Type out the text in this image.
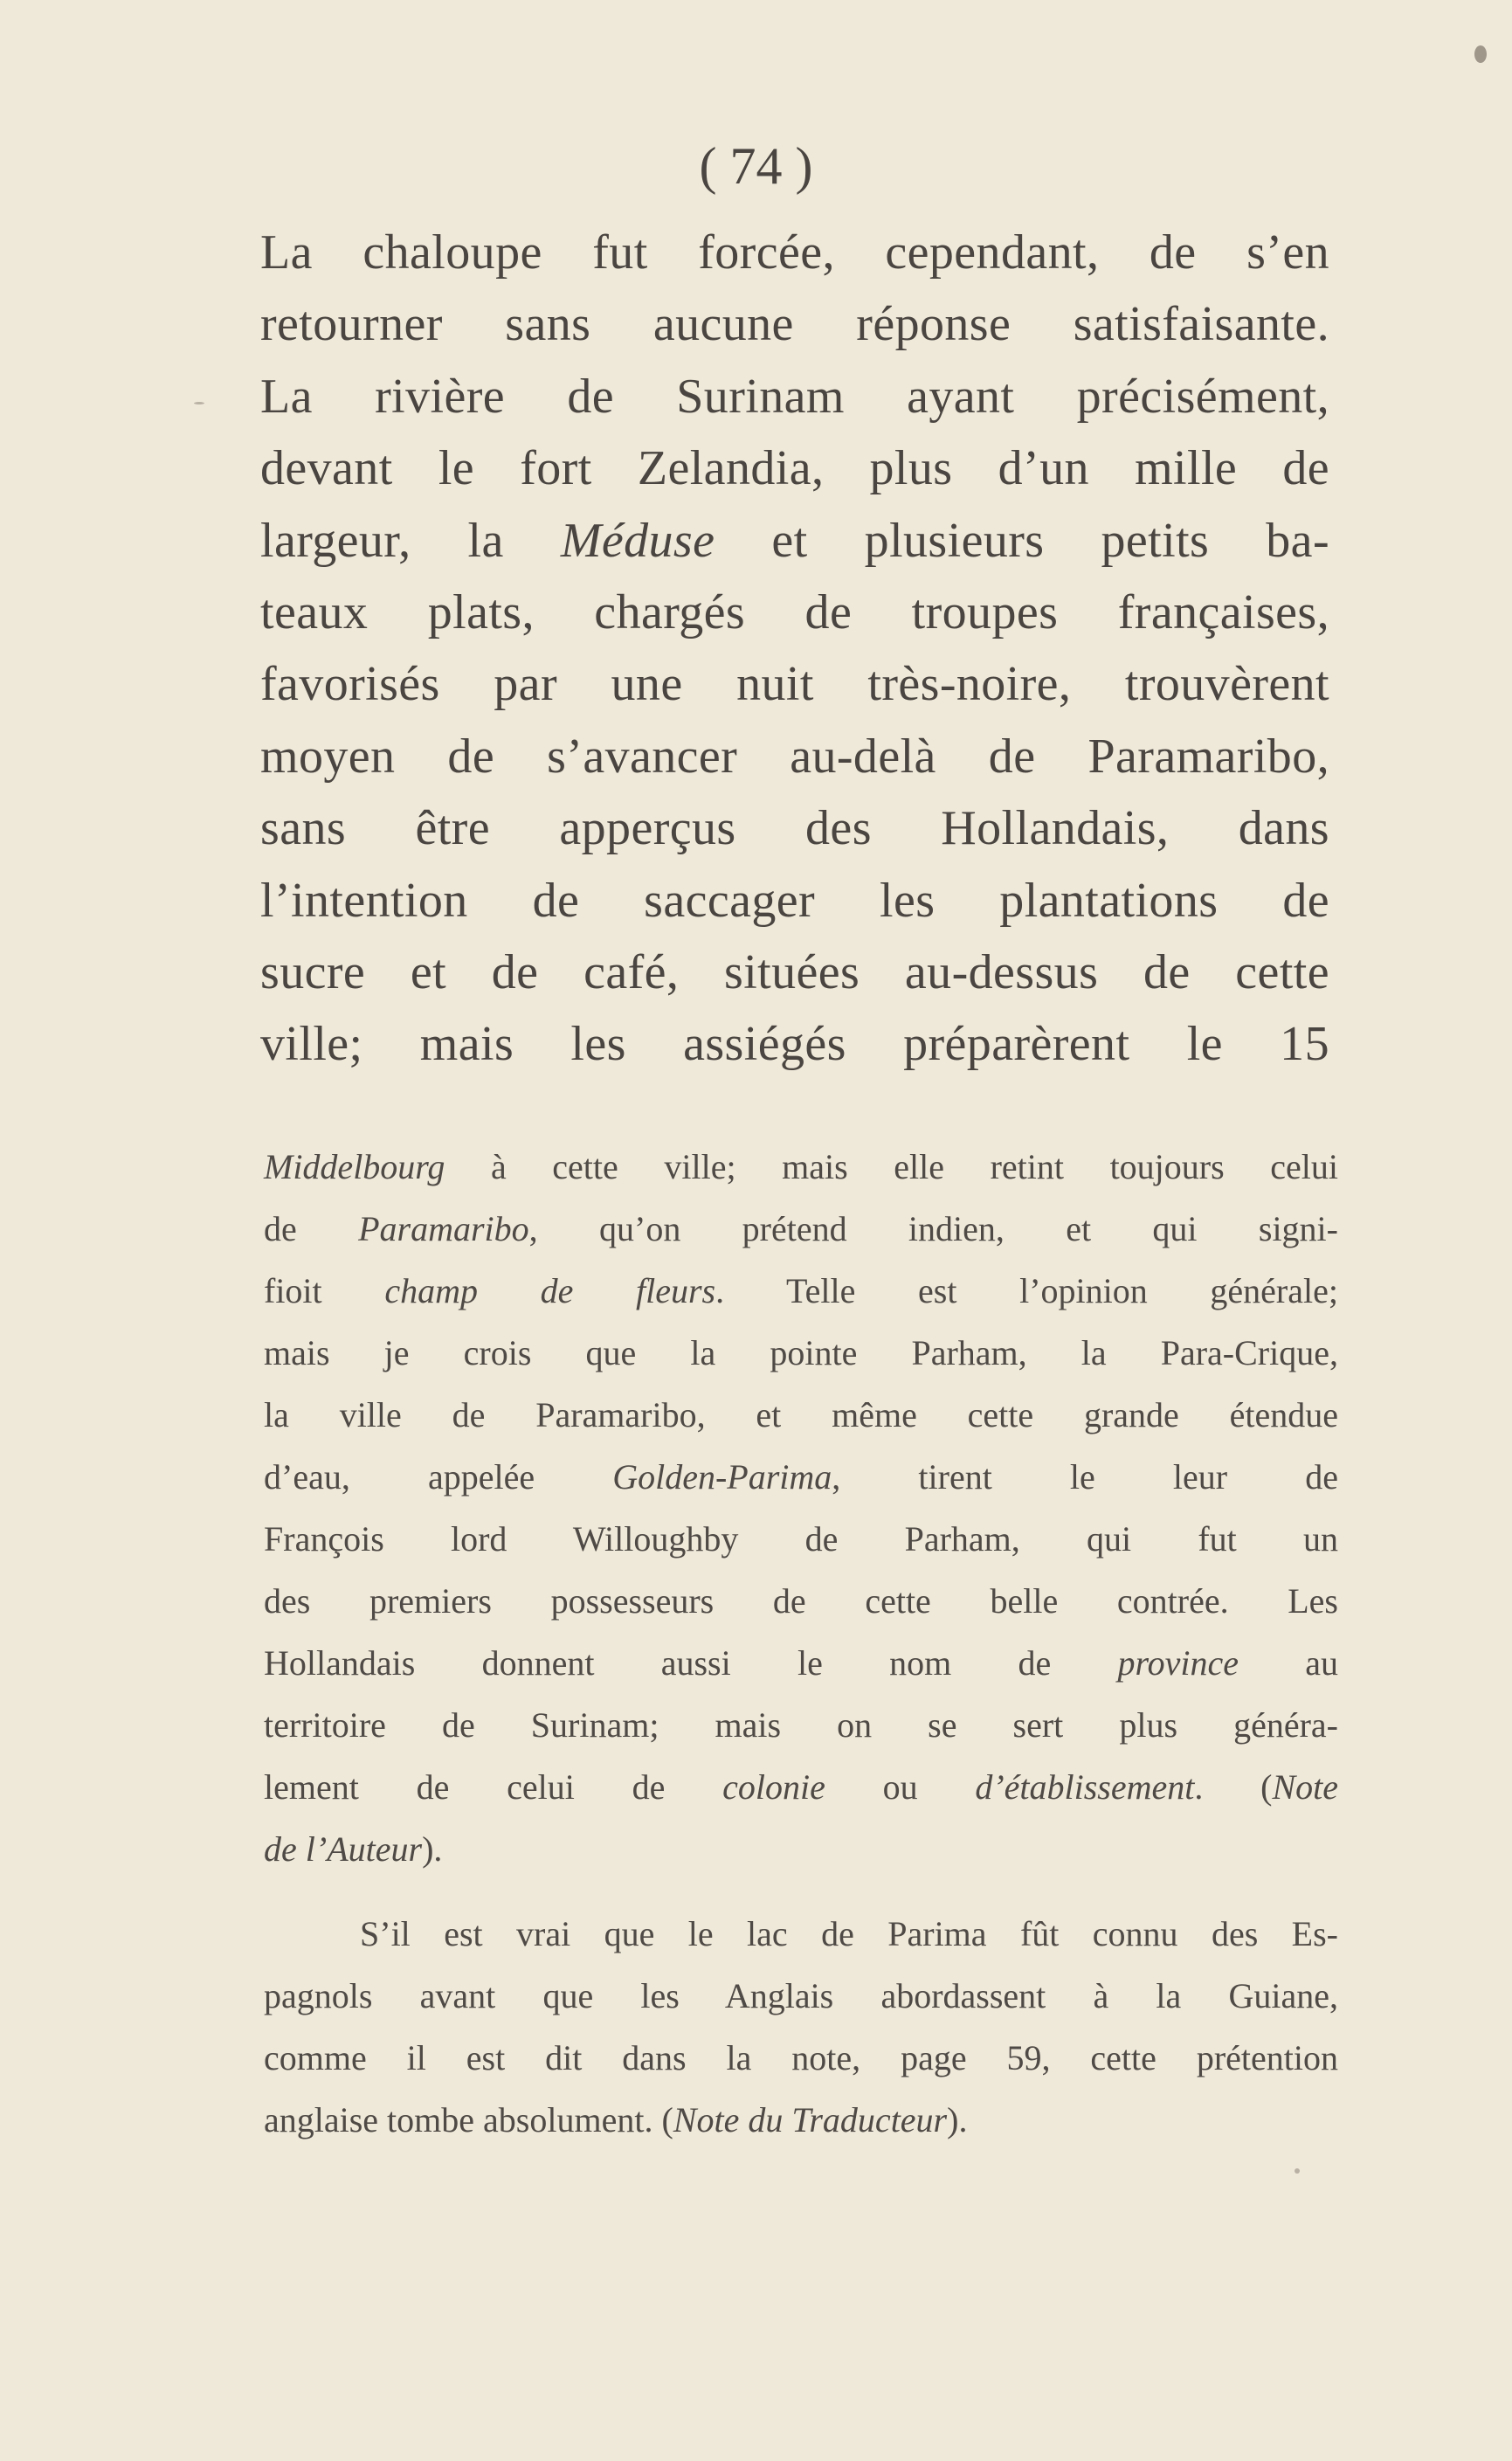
( 74 )

La chaloupe fut forcée, cependant, de s’en
retourner sans aucune réponse satisfaisante.
La rivière de Surinam ayant précisément,
devant le fort Zelandia, plus d’un mille de
largeur, la Méduse et plusieurs petits ba-
teaux plats, chargés de troupes françaises,
favorisés par une nuit très-noire, trouvèrent
moyen de s’avancer au-delà de Paramaribo,
sans être apperçus des Hollandais, dans
l’intention de saccager les plantations de
sucre et de café, situées au-dessus de cette
ville; mais les assiégés préparèrent le 15
Middelbourg à cette ville; mais elle retint toujours celui
de Paramaribo, qu’on prétend indien, et qui signi-
fioit champ de fleurs. Telle est l’opinion générale;
mais je crois que la pointe Parham, la Para-Crique,
la ville de Paramaribo, et même cette grande étendue
d’eau, appelée Golden-Parima, tirent le leur de
François lord Willoughby de Parham, qui fut un
des premiers possesseurs de cette belle contrée. Les
Hollandais donnent aussi le nom de province au
territoire de Surinam; mais on se sert plus généra-
lement de celui de colonie ou d’établissement. (Note
de l’Auteur).
S’il est vrai que le lac de Parima fût connu des Es-
pagnols avant que les Anglais abordassent à la Guiane,
comme il est dit dans la note, page 59, cette prétention
anglaise tombe absolument. (Note du Traducteur).
